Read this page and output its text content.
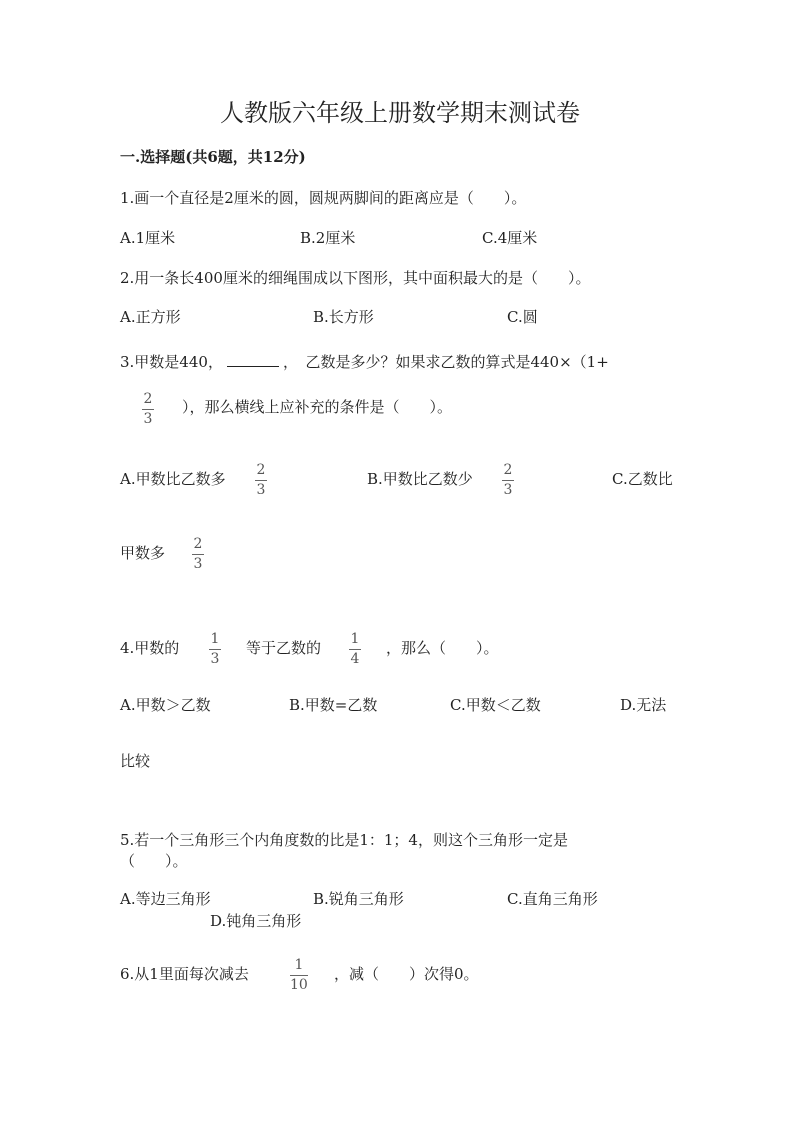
人教版六年级上册数学期末测试卷
一.选择题(共6题，共12分)
1.画一个直径是2厘米的圆，圆规两脚间的距离应是（　　）。
A.1厘米	B.2厘米	C.4厘米
2.用一条长400厘米的细绳围成以下图形，其中面积最大的是（　　）。
A.正方形	B.长方形	C.圆
3.甲数是440，	，　乙数是多少？如果求乙数的算式是440×（1+
2
3
），那么横线上应补充的条件是（　　）。
A.甲数比乙数多 2
3
B.甲数比乙数少 2
3
C.乙数比
甲数多 2
3
4.甲数的 1
3
等于乙数的 1
4
，那么（　　）。
A.甲数＞乙数	B.甲数=乙数	C.甲数＜乙数	D.无法
比较
5.若一个三角形三个内角度数的比是1：1；4，则这个三角形一定是
（　　）。
A.等边三角形	B.锐角三角形	C.直角三角形
D.钝角三角形
6.从1里面每次减去	1
10
，减（　　）次得0。
